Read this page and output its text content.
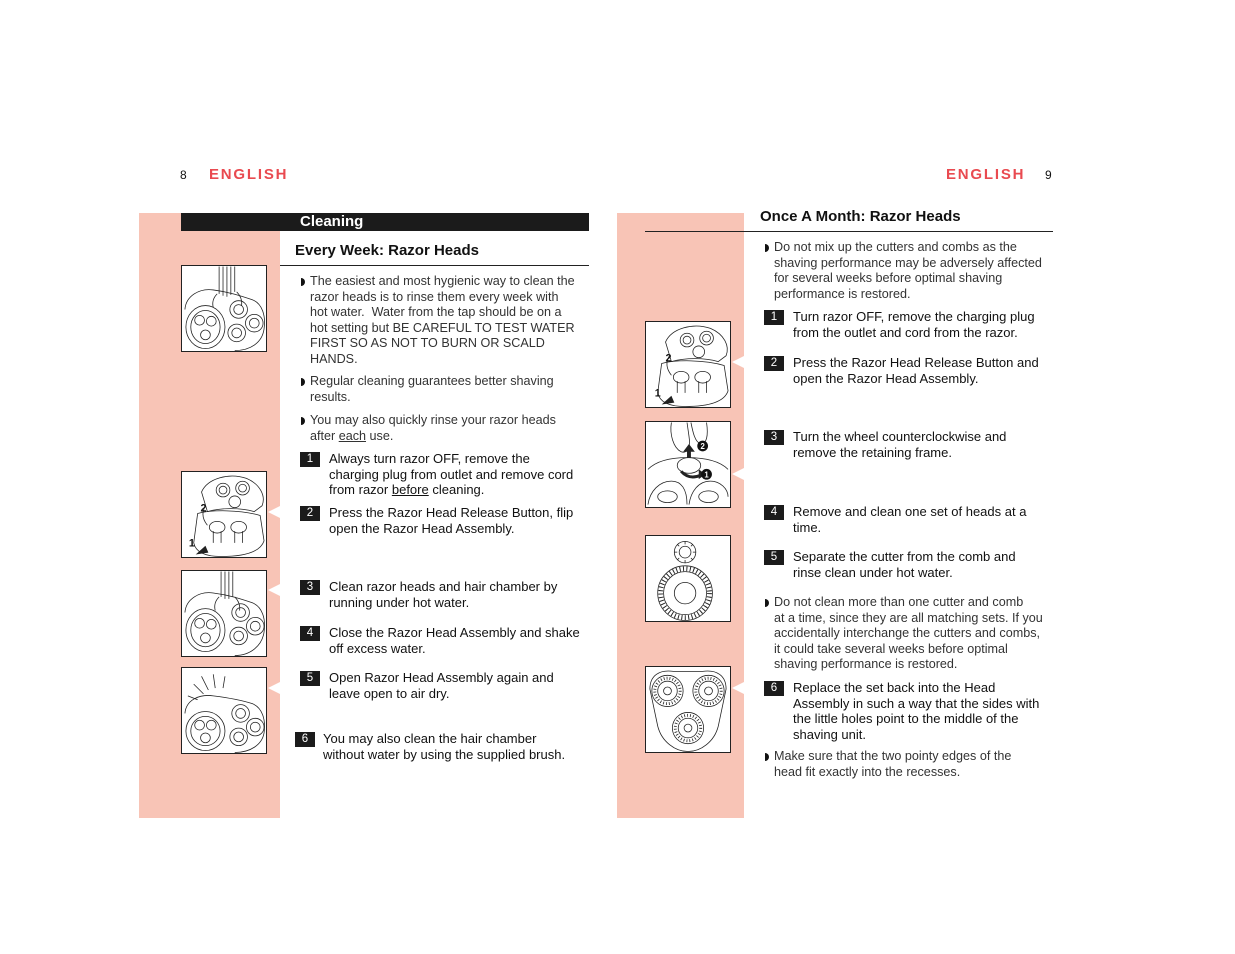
8 ENGLISH
Cleaning
Every Week: Razor Heads
2
1
The easiest and most hygienic way to clean the
razor heads is to rinse them every week with
hot water.  Water from the tap should be on a
hot setting but BE CAREFUL TO TEST WATER
FIRST SO AS NOT TO BURN OR SCALD
HANDS.
Regular cleaning guarantees better shaving
results.
You may also quickly rinse your razor heads
after each use.
1	Always turn razor OFF, remove the
charging plug from outlet and remove cord
from razor before cleaning.
2	Press the Razor Head Release Button, flip
open the Razor Head Assembly.
3	Clean razor heads and hair chamber by
running under hot water.
4	Close the Razor Head Assembly and shake
off excess water.
5	Open Razor Head Assembly again and
leave open to air dry.
6	You may also clean the hair chamber
without water by using the supplied brush.
ENGLISH 9
Once A Month: Razor Heads
2
1
2
1
Do not mix up the cutters and combs as the
shaving performance may be adversely affected
for several weeks before optimal shaving
performance is restored.
1	Turn razor OFF, remove the charging plug
from the outlet and cord from the razor.
2	Press the Razor Head Release Button and
open the Razor Head Assembly.
3	Turn the wheel counterclockwise and
remove the retaining frame.
4	Remove and clean one set of heads at a
time.
5	Separate the cutter from the comb and
rinse clean under hot water.
Do not clean more than one cutter and comb
at a time, since they are all matching sets. If you
accidentally interchange the cutters and combs,
it could take several weeks before optimal
shaving performance is restored.
6	Replace the set back into the Head
Assembly in such a way that the sides with
the little holes point to the middle of the
shaving unit.
Make sure that the two pointy edges of the
head fit exactly into the recesses.
